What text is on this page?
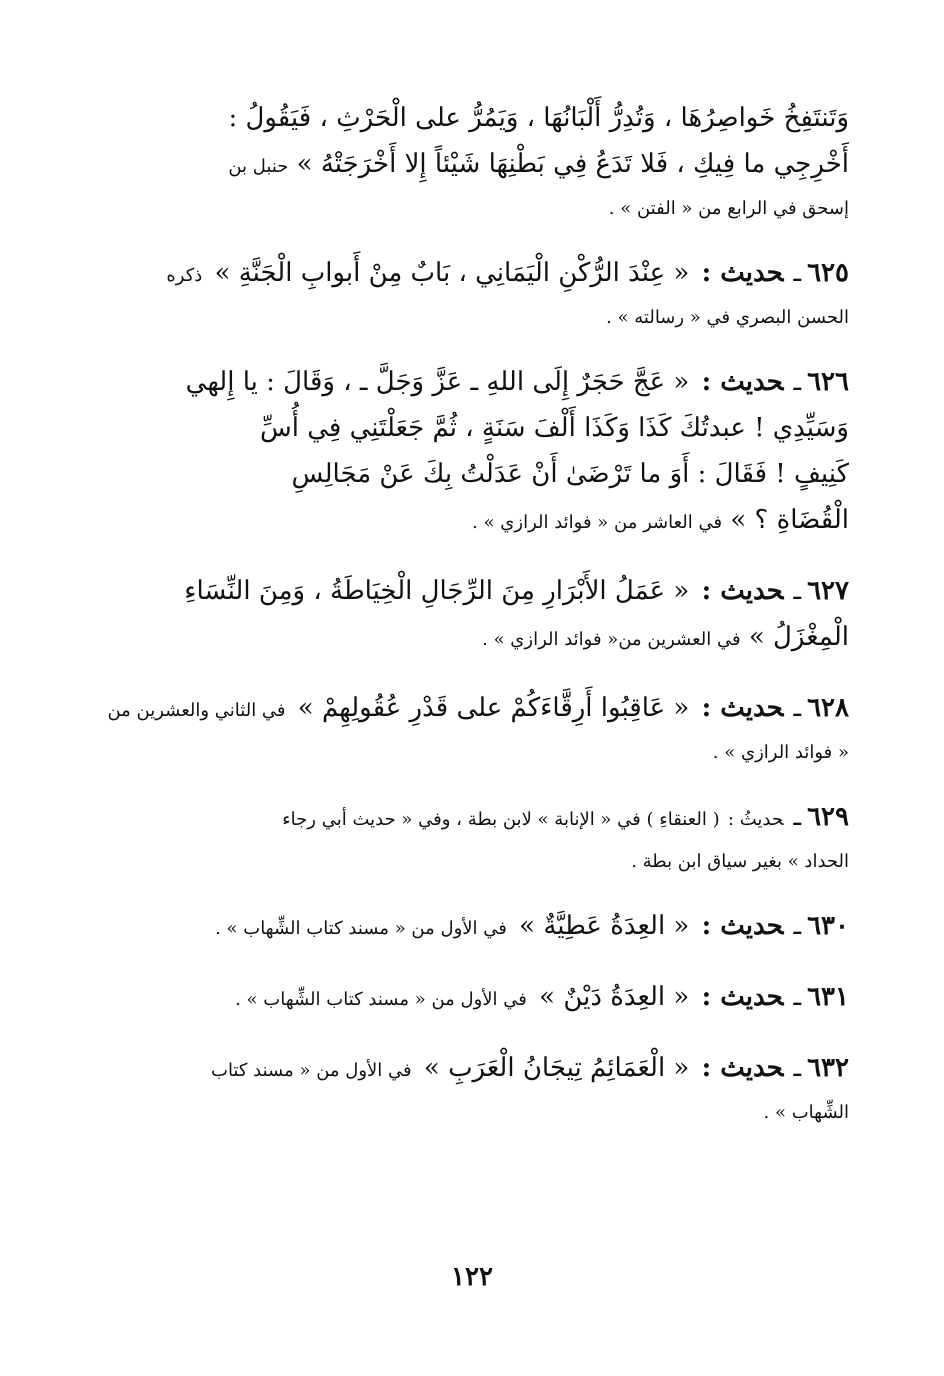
وَتَنتَفِخُ خَواصِرُهَا ، وَتُدِرُّ أَلْبَانُهَا ، وَيَمُرُّ على الْحَرْثِ ، فَيَقُولُ :
أَخْرِجِي ما فِيكِ ، فَلا تَدَعُ فِي بَطْنِهَا شَيْئاً إِلا أَخْرَجَتْهُ » حنبل بن
إسحق في الرابع من « الفتن » .
٦٢٥ـحديث : « عِنْدَ الرُّكْنِ الْيَمَانِي ، بَابٌ مِنْ أَبوابِ الْجَنَّةِ » ذكره
الحسن البصري في « رسالته » .
٦٢٦ـحديث : « عَجَّ حَجَرٌ إِلَى اللهِ ـ عَزَّ وَجَلَّ ـ ، وَقَالَ : يا إِلهي
وَسَيِّدِي ! عبدتُكَ كَذَا وَكَذَا أَلْفَ سَنَةٍ ، ثُمَّ جَعَلْتَنِي فِي أُسِّ
كَنِيفٍ ! فَقَالَ : أَوَ ما تَرْضَىٰ أَنْ عَدَلْتُ بِكَ عَنْ مَجَالِسِ
الْقُضَاةِ ؟ » في العاشر من « فوائد الرازي » .
٦٢٧ـحديث : « عَمَلُ الأَبْرَارِ مِنَ الرِّجَالِ الْخِيَاطَةُ ، وَمِنَ النِّسَاءِ
الْمِغْزَلُ » في العشرين من« فوائد الرازي » .
٦٢٨ـحديث : « عَاقِبُوا أَرِقَّاءَكُمْ على قَدْرِ عُقُولِهِمْ » في الثاني والعشرين من
« فوائد الرازي » .
٦٢٩ـحديثُ : ( العنقاءِ ) في « الإنابة » لابن بطة ، وفي « حديث أبي رجاء
الحداد » بغير سياق ابن بطة .
٦٣٠ـحديث : « العِدَةُ عَطِيَّةٌ » في الأول من « مسند كتاب الشِّهاب » .
٦٣١ـحديث : « العِدَةُ دَيْنٌ » في الأول من « مسند كتاب الشِّهاب » .
٦٣٢ـحديث : « الْعَمَائِمُ تِيجَانُ الْعَرَبِ » في الأول من « مسند كتاب
الشِّهاب » .
١٢٢
